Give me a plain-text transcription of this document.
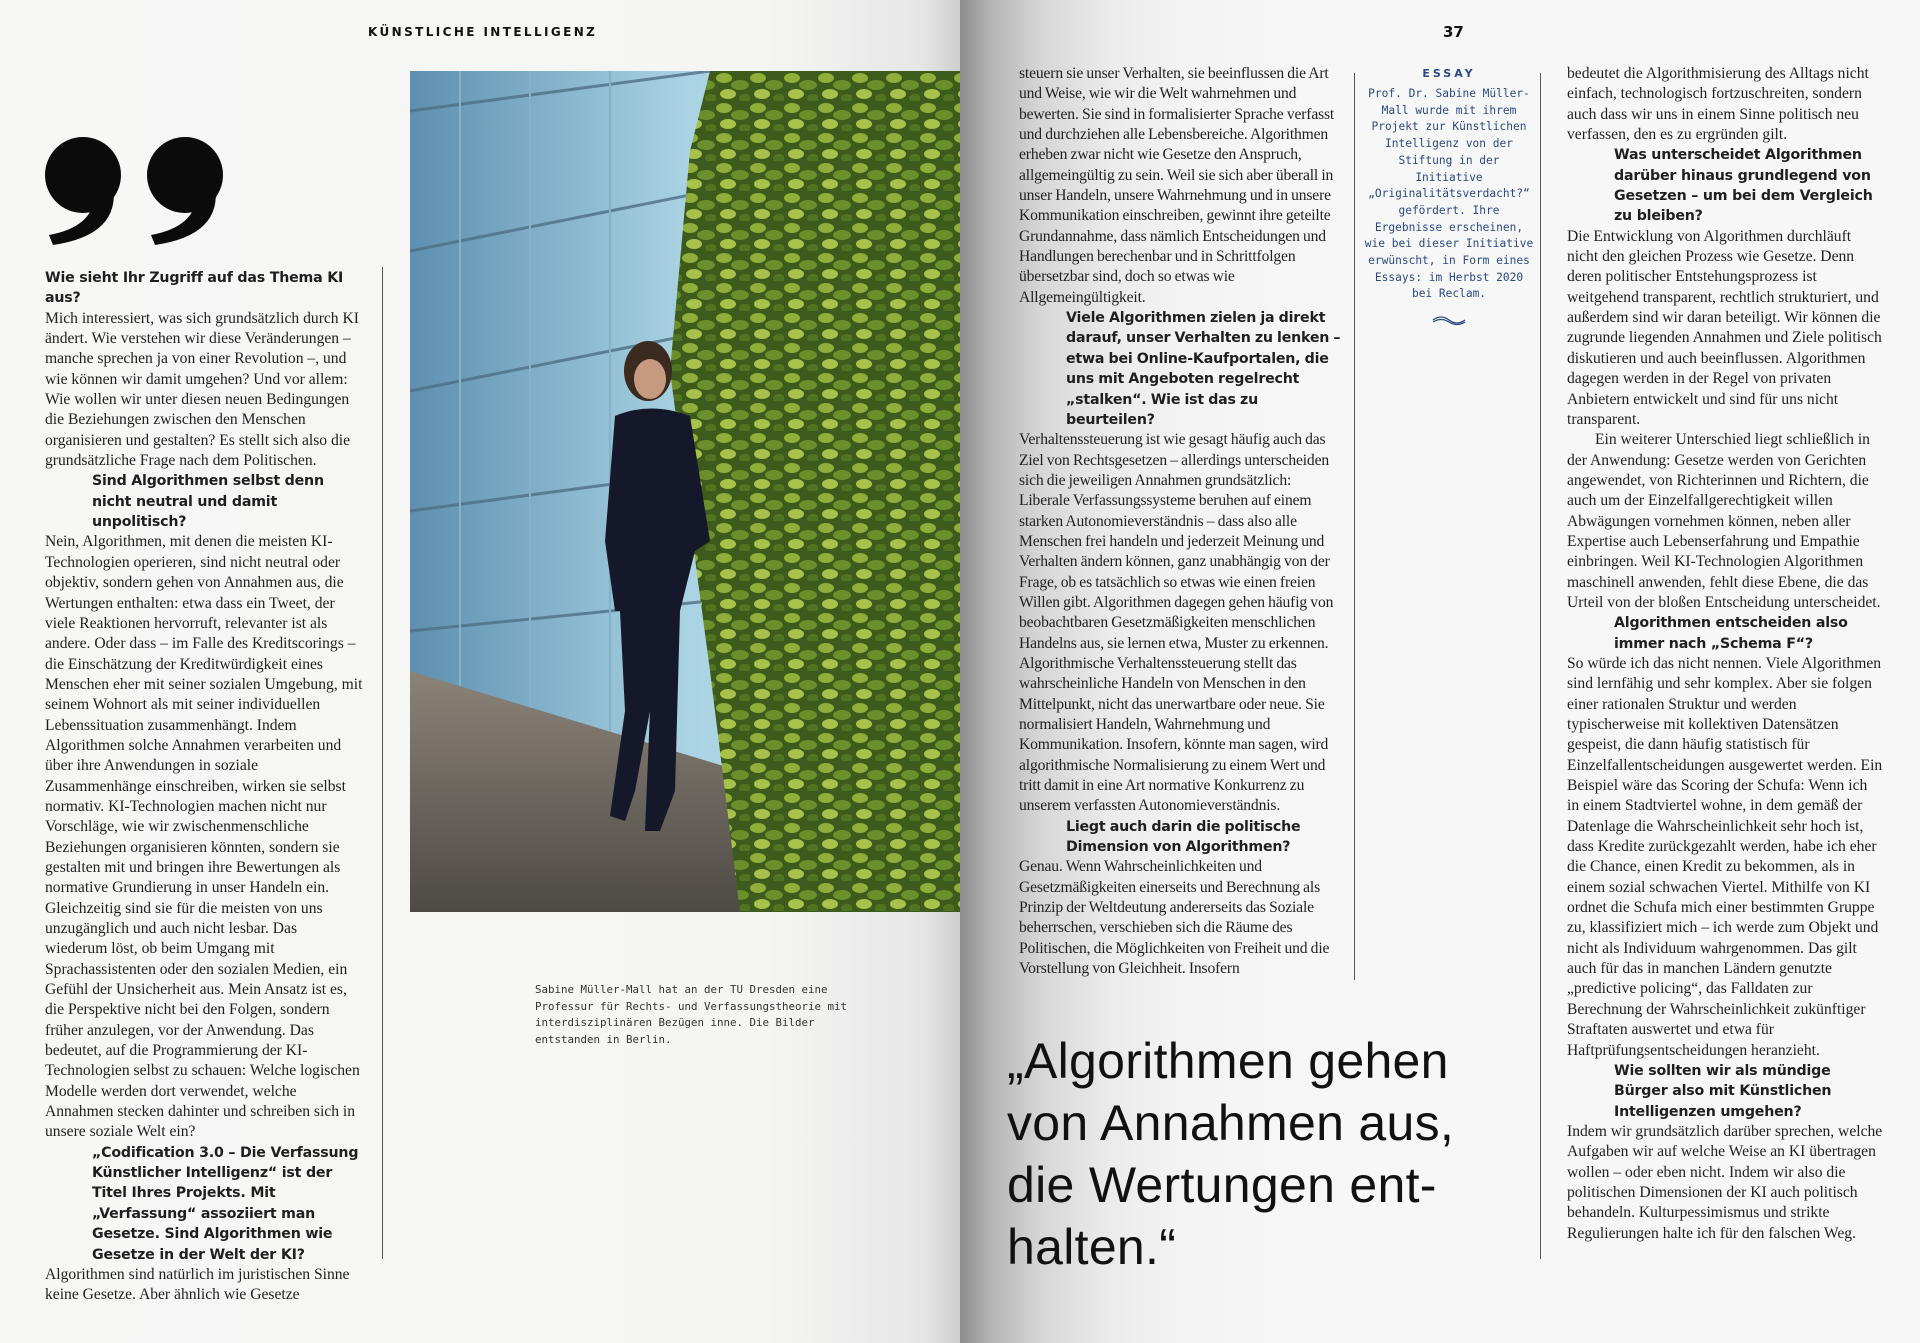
KÜNSTLICHE INTELLIGENZ	37

Wie sieht Ihr Zugriff auf das Thema KI aus?

Mich interessiert, was sich grundsätzlich durch KI ändert. Wie verstehen wir diese Veränderungen – manche sprechen ja von einer Revolution –, und wie können wir damit umgehen? Und vor allem: Wie wollen wir unter diesen neuen Bedingungen die Beziehungen zwischen den Menschen organisieren und gestalten? Es stellt sich also die grundsätzliche Frage nach dem Politischen.

Sind Algorithmen selbst denn nicht neutral und damit unpolitisch?

Nein, Algorithmen, mit denen die meisten KI-Technologien operieren, sind nicht neutral oder objektiv, sondern gehen von Annahmen aus, die Wertungen enthalten: etwa dass ein Tweet, der viele Reaktionen hervorruft, relevanter ist als andere. Oder dass – im Falle des Kreditscorings – die Einschätzung der Kreditwürdigkeit eines Menschen eher mit seiner sozialen Umgebung, mit seinem Wohnort als mit seiner individuellen Lebenssituation zusammenhängt. Indem Algorithmen solche Annahmen verarbeiten und über ihre Anwendungen in soziale Zusammenhänge einschreiben, wirken sie selbst normativ. KI-Technologien machen nicht nur Vorschläge, wie wir zwischenmenschliche Beziehungen organisieren könnten, sondern sie gestalten mit und bringen ihre Bewertungen als normative Grundierung in unser Handeln ein. Gleichzeitig sind sie für die meisten von uns unzugänglich und auch nicht lesbar. Das wiederum löst, ob beim Umgang mit Sprachassistenten oder den sozialen Medien, ein Gefühl der Unsicherheit aus. Mein Ansatz ist es, die Perspektive nicht bei den Folgen, sondern früher anzulegen, vor der Anwendung. Das bedeutet, auf die Programmierung der KI-Technologien selbst zu schauen: Welche logischen Modelle werden dort verwendet, welche Annahmen stecken dahinter und schreiben sich in unsere soziale Welt ein?

„Codification 3.0 – Die Verfassung Künstlicher Intelligenz“ ist der Titel Ihres Projekts. Mit „Verfassung“ assoziiert man Gesetze. Sind Algorithmen wie Gesetze in der Welt der KI?

Algorithmen sind natürlich im juristischen Sinne keine Gesetze. Aber ähnlich wie Gesetze

Sabine Müller-Mall hat an der TU Dresden eine Professur für Rechts- und Verfassungstheorie mit interdisziplinären Bezügen inne. Die Bilder entstanden in Berlin.

steuern sie unser Verhalten, sie beeinflussen die Art und Weise, wie wir die Welt wahrnehmen und bewerten. Sie sind in formalisierter Sprache verfasst und durchziehen alle Lebensbereiche. Algorithmen erheben zwar nicht wie Gesetze den Anspruch, allgemeingültig zu sein. Weil sie sich aber überall in unser Handeln, unsere Wahrnehmung und in unsere Kommunikation einschreiben, gewinnt ihre geteilte Grundannahme, dass nämlich Entscheidungen und Handlungen berechenbar und in Schrittfolgen übersetzbar sind, doch so etwas wie Allgemeingültigkeit.

Viele Algorithmen zielen ja direkt darauf, unser Verhalten zu lenken – etwa bei Online-Kaufportalen, die uns mit Angeboten regelrecht „stalken“. Wie ist das zu beurteilen?

Verhaltenssteuerung ist wie gesagt häufig auch das Ziel von Rechtsgesetzen – allerdings unterscheiden sich die jeweiligen Annahmen grundsätzlich: Liberale Verfassungssysteme beruhen auf einem starken Autonomieverständnis – dass also alle Menschen frei handeln und jederzeit Meinung und Verhalten ändern können, ganz unabhängig von der Frage, ob es tatsächlich so etwas wie einen freien Willen gibt. Algorithmen dagegen gehen häufig von beobachtbaren Gesetzmäßigkeiten menschlichen Handelns aus, sie lernen etwa, Muster zu erkennen. Algorithmische Verhaltenssteuerung stellt das wahrscheinliche Handeln von Menschen in den Mittelpunkt, nicht das unerwartbare oder neue. Sie normalisiert Handeln, Wahrnehmung und Kommunikation. Insofern, könnte man sagen, wird algorithmische Normalisierung zu einem Wert und tritt damit in eine Art normative Konkurrenz zu unserem verfassten Autonomieverständnis.

Liegt auch darin die politische Dimension von Algorithmen?

Genau. Wenn Wahrscheinlichkeiten und Gesetzmäßigkeiten einerseits und Berechnung als Prinzip der Weltdeutung andererseits das Soziale beherrschen, verschieben sich die Räume des Politischen, die Möglichkeiten von Freiheit und die Vorstellung von Gleichheit. Insofern

ESSAY
Prof. Dr. Sabine Müller-Mall wurde mit ihrem Projekt zur Künstlichen Intelligenz von der Stiftung in der Initiative „Originalitätsverdacht?“ gefördert. Ihre Ergebnisse erscheinen, wie bei dieser Initiative erwünscht, in Form eines Essays: im Herbst 2020 bei Reclam.

bedeutet die Algorithmisierung des Alltags nicht einfach, technologisch fortzuschreiten, sondern auch dass wir uns in einem Sinne politisch neu verfassen, den es zu ergründen gilt.

Was unterscheidet Algorithmen darüber hinaus grundlegend von Gesetzen – um bei dem Vergleich zu bleiben?

Die Entwicklung von Algorithmen durchläuft nicht den gleichen Prozess wie Gesetze. Denn deren politischer Entstehungsprozess ist weitgehend transparent, rechtlich strukturiert, und außerdem sind wir daran beteiligt. Wir können die zugrunde liegenden Annahmen und Ziele politisch diskutieren und auch beeinflussen. Algorithmen dagegen werden in der Regel von privaten Anbietern entwickelt und sind für uns nicht transparent.

Ein weiterer Unterschied liegt schließlich in der Anwendung: Gesetze werden von Gerichten angewendet, von Richterinnen und Richtern, die auch um der Einzelfallgerechtigkeit willen Abwägungen vornehmen können, neben aller Expertise auch Lebenserfahrung und Empathie einbringen. Weil KI-Technologien Algorithmen maschinell anwenden, fehlt diese Ebene, die das Urteil von der bloßen Entscheidung unterscheidet.

Algorithmen entscheiden also immer nach „Schema F“?

So würde ich das nicht nennen. Viele Algorithmen sind lernfähig und sehr komplex. Aber sie folgen einer rationalen Struktur und werden typischerweise mit kollektiven Datensätzen gespeist, die dann häufig statistisch für Einzelfallentscheidungen ausgewertet werden. Ein Beispiel wäre das Scoring der Schufa: Wenn ich in einem Stadtviertel wohne, in dem gemäß der Datenlage die Wahrscheinlichkeit sehr hoch ist, dass Kredite zurückgezahlt werden, habe ich eher die Chance, einen Kredit zu bekommen, als in einem sozial schwachen Viertel. Mithilfe von KI ordnet die Schufa mich einer bestimmten Gruppe zu, klassifiziert mich – ich werde zum Objekt und nicht als Individuum wahrgenommen. Das gilt auch für das in manchen Ländern genutzte „predictive policing“, das Falldaten zur Berechnung der Wahrscheinlichkeit zukünftiger Straftaten auswertet und etwa für Haftprüfungsentscheidungen heranzieht.

Wie sollten wir als mündige Bürger also mit Künstlichen Intelligenzen umgehen?

Indem wir grundsätzlich darüber sprechen, welche Aufgaben wir auf welche Weise an KI übertragen wollen – oder eben nicht. Indem wir also die politischen Dimensionen der KI auch politisch behandeln. Kulturpessimismus und strikte Regulierungen halte ich für den falschen Weg.

„Algorithmen gehen
von Annahmen aus,
die Wertungen ent-
halten.“
